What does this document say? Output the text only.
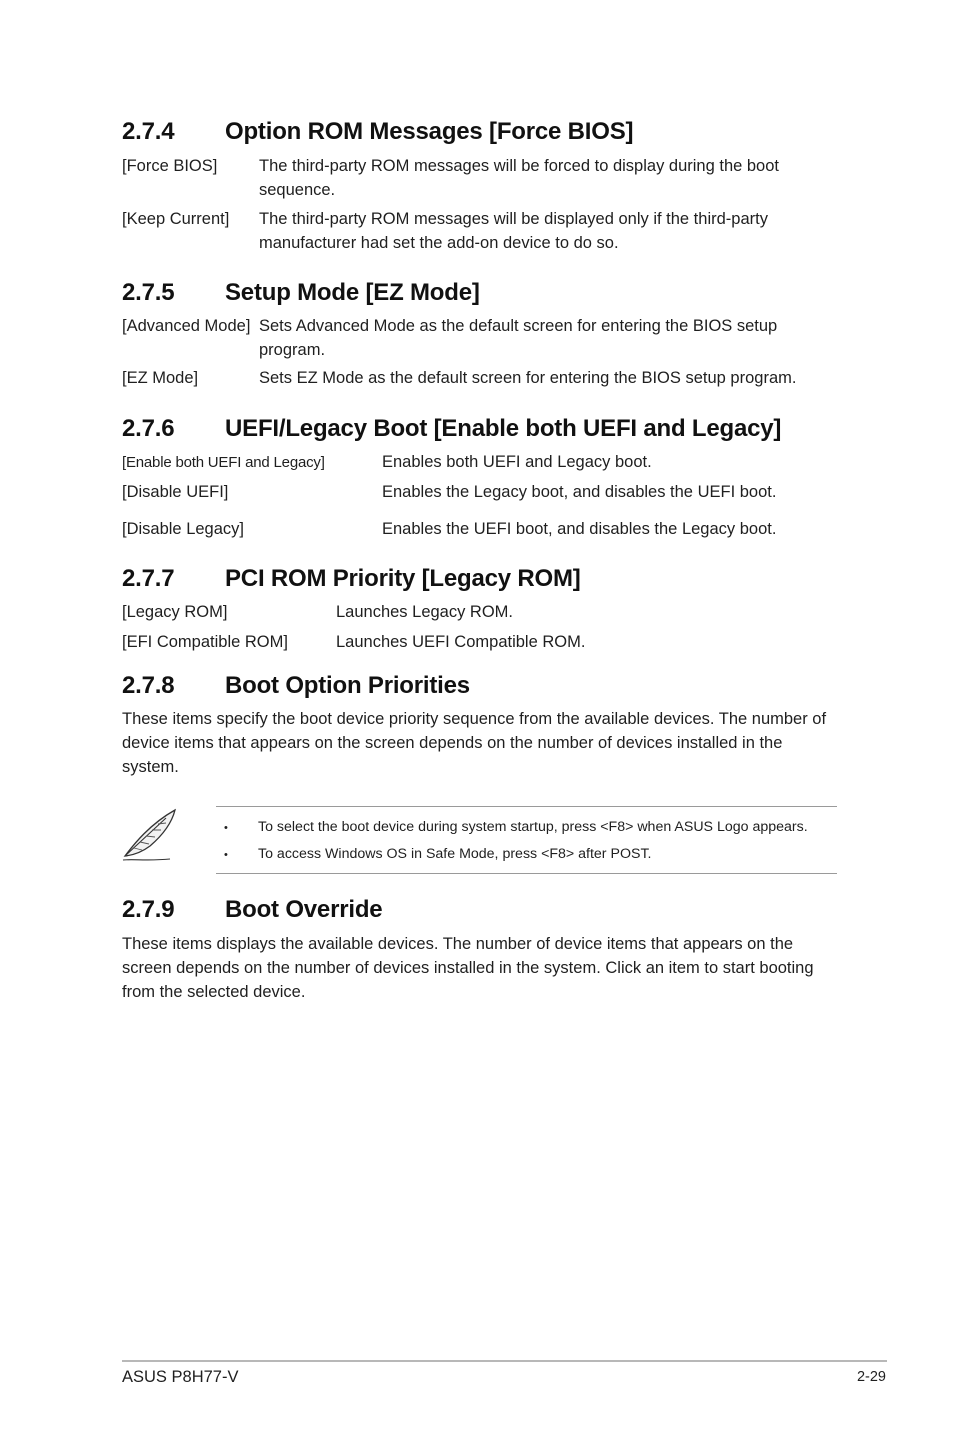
2.7.4 Option ROM Messages [Force BIOS]
[Force BIOS]	The third-party ROM messages will be forced to display during the boot sequence.
[Keep Current] The third-party ROM messages will be displayed only if the third-party manufacturer had set the add-on device to do so.
2.7.5 Setup Mode [EZ Mode]
[Advanced Mode] Sets Advanced Mode as the default screen for entering the BIOS setup program.
[EZ Mode]	Sets EZ Mode as the default screen for entering the BIOS setup program.
2.7.6 UEFI/Legacy Boot [Enable both UEFI and Legacy]
[Enable both UEFI and Legacy]	Enables both UEFI and Legacy boot.
[Disable UEFI]	Enables the Legacy boot, and disables the UEFI boot.
[Disable Legacy]	Enables the UEFI boot, and disables the Legacy boot.
2.7.7 PCI ROM Priority [Legacy ROM]
[Legacy ROM]	Launches Legacy ROM.
[EFI Compatible ROM]	Launches UEFI Compatible ROM.
2.7.8 Boot Option Priorities

These items specify the boot device priority sequence from the available devices. The number of device items that appears on the screen depends on the number of devices installed in the system.

• To select the boot device during system startup, press <F8> when ASUS Logo appears.
• To access Windows OS in Safe Mode, press <F8> after POST.
2.7.9 Boot Override

These items displays the available devices. The number of device items that appears on the screen depends on the number of devices installed in the system. Click an item to start booting from the selected device.

ASUS P8H77-V	2-29
